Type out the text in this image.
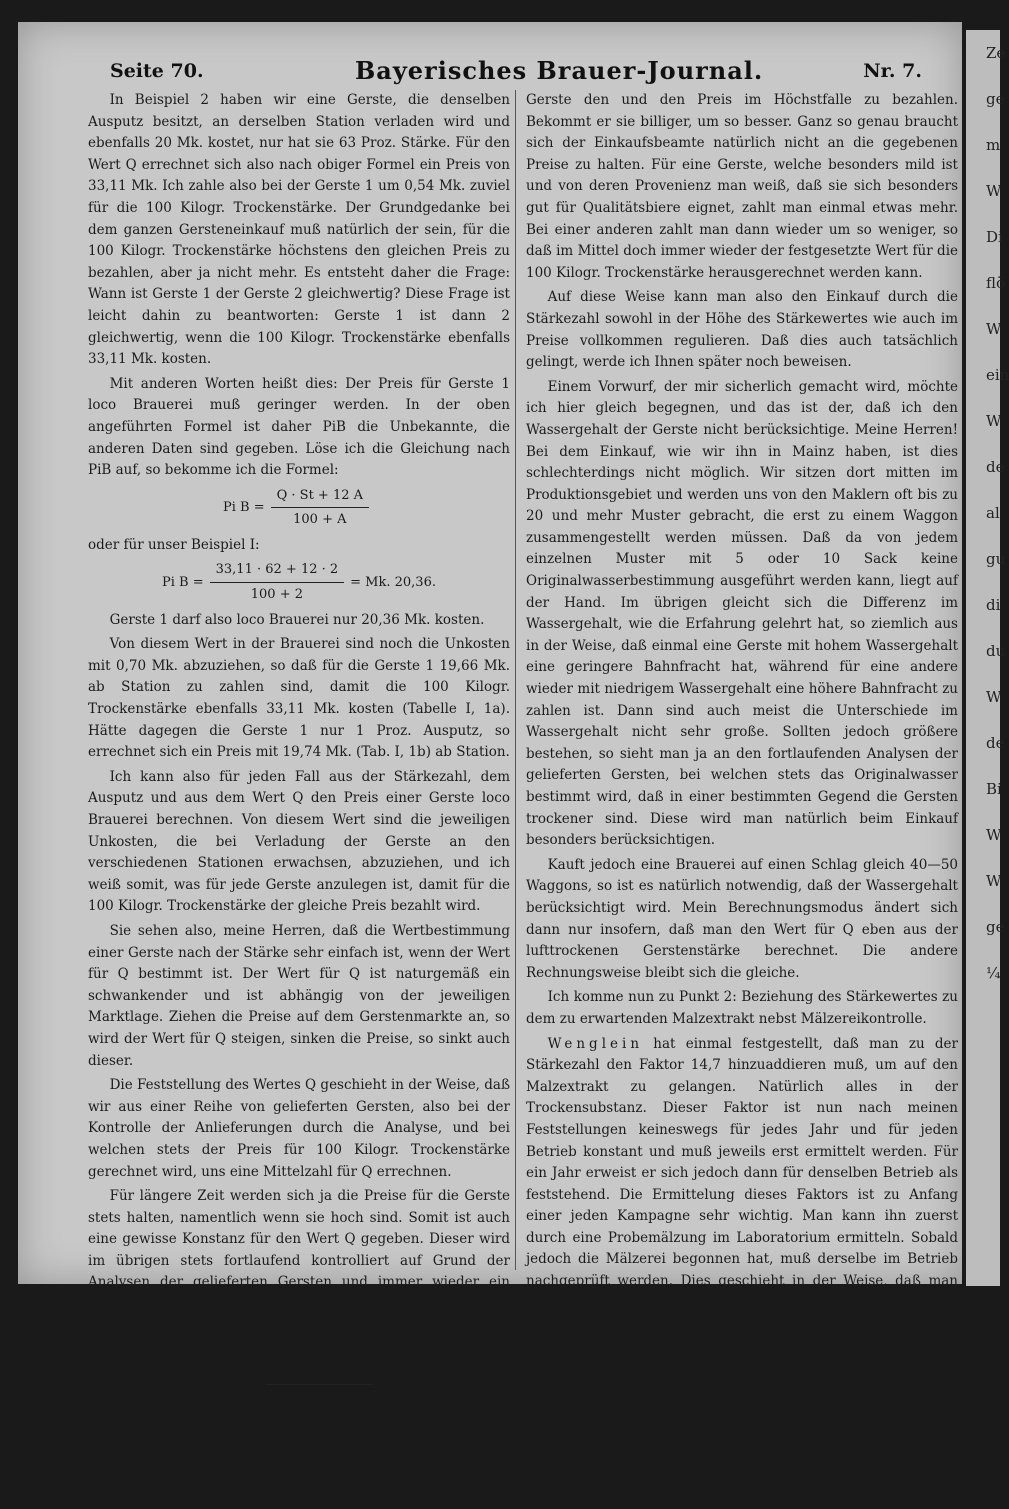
Ze
ge
m
W
Di
flö
W
ein
W
de
al
gu
di
du
W
de
Bi
W
W
ge
¼
Seite 70.	Bayerisches Brauer-Journal.	Nr. 7.

In Beispiel 2 haben wir eine Gerste, die denselben Ausputz besitzt, an derselben Station verladen wird und ebenfalls 20 Mk. kostet, nur hat sie 63 Proz. Stärke. Für den Wert Q errechnet sich also nach obiger Formel ein Preis von 33,11 Mk. Ich zahle also bei der Gerste 1 um 0,54 Mk. zuviel für die 100 Kilogr. Trockenstärke. Der Grundgedanke bei dem ganzen Gersteneinkauf muß natürlich der sein, für die 100 Kilogr. Trockenstärke höchstens den gleichen Preis zu bezahlen, aber ja nicht mehr. Es entsteht daher die Frage: Wann ist Gerste 1 der Gerste 2 gleichwertig? Diese Frage ist leicht dahin zu beantworten: Gerste 1 ist dann 2 gleichwertig, wenn die 100 Kilogr. Trockenstärke ebenfalls 33,11 Mk. kosten.

Mit anderen Worten heißt dies: Der Preis für Gerste 1 loco Brauerei muß geringer werden. In der oben angeführten Formel ist daher PiB die Unbekannte, die anderen Daten sind gegeben. Löse ich die Gleichung nach PiB auf, so bekomme ich die Formel:

Pi $B = \frac{Q \cdot St + 12 A}{100 + A}$

oder für unser Beispiel I:

Pi $B = \frac{33,11 \cdot 62 + 12 \cdot 2}{100 + 2} = Mk$. 20,36.

Gerste 1 darf also loco Brauerei nur 20,36 Mk. kosten.

Von diesem Wert in der Brauerei sind noch die Unkosten mit 0,70 Mk. abzuziehen, so daß für die Gerste 1 19,66 Mk. ab Station zu zahlen sind, damit die 100 Kilogr. Trockenstärke ebenfalls 33,11 Mk. kosten (Tabelle I, 1a). Hätte dagegen die Gerste 1 nur 1 Proz. Ausputz, so errechnet sich ein Preis mit 19,74 Mk. (Tab. I, 1b) ab Station.

Ich kann also für jeden Fall aus der Stärkezahl, dem Ausputz und aus dem Wert Q den Preis einer Gerste loco Brauerei berechnen. Von diesem Wert sind die jeweiligen Unkosten, die bei Verladung der Gerste an den verschiedenen Stationen erwachsen, abzuziehen, und ich weiß somit, was für jede Gerste anzulegen ist, damit für die 100 Kilogr. Trockenstärke der gleiche Preis bezahlt wird.

Sie sehen also, meine Herren, daß die Wertbestimmung einer Gerste nach der Stärke sehr einfach ist, wenn der Wert für Q bestimmt ist. Der Wert für Q ist naturgemäß ein schwankender und ist abhängig von der jeweiligen Marktlage. Ziehen die Preise auf dem Gerstenmarkte an, so wird der Wert für Q steigen, sinken die Preise, so sinkt auch dieser.

Die Feststellung des Wertes Q geschieht in der Weise, daß wir aus einer Reihe von gelieferten Gersten, also bei der Kontrolle der Anlieferungen durch die Analyse, und bei welchen stets der Preis für 100 Kilogr. Trockenstärke gerechnet wird, uns eine Mittelzahl für Q errechnen.

Für längere Zeit werden sich ja die Preise für die Gerste stets halten, namentlich wenn sie hoch sind. Somit ist auch eine gewisse Konstanz für den Wert Q gegeben. Dieser wird im übrigen stets fortlaufend kontrolliert auf Grund der Analysen der gelieferten Gersten und immer wieder ein Mittelwert berechnet. Diese Mittelzahl wird als zunächst feststehend angenommen und mit dieser die Kaufmuster nach ihrem Stärkewert und Ausputz nach der Formel:

Pi $B = \frac{St \cdot Q + 12 \cdot A}{100 + A}$

kalkuliert.

Der Beamte, welcher mit dem Gersteneinkauf betraut ist, bekommt vom Laboratorium aus die Weisung, für die und die

Gerste den und den Preis im Höchstfalle zu bezahlen. Bekommt er sie billiger, um so besser. Ganz so genau braucht sich der Einkaufsbeamte natürlich nicht an die gegebenen Preise zu halten. Für eine Gerste, welche besonders mild ist und von deren Provenienz man weiß, daß sie sich besonders gut für Qualitätsbiere eignet, zahlt man einmal etwas mehr. Bei einer anderen zahlt man dann wieder um so weniger, so daß im Mittel doch immer wieder der festgesetzte Wert für die 100 Kilogr. Trockenstärke herausgerechnet werden kann.

Auf diese Weise kann man also den Einkauf durch die Stärkezahl sowohl in der Höhe des Stärkewertes wie auch im Preise vollkommen regulieren. Daß dies auch tatsächlich gelingt, werde ich Ihnen später noch beweisen.

Einem Vorwurf, der mir sicherlich gemacht wird, möchte ich hier gleich begegnen, und das ist der, daß ich den Wassergehalt der Gerste nicht berücksichtige. Meine Herren! Bei dem Einkauf, wie wir ihn in Mainz haben, ist dies schlechterdings nicht möglich. Wir sitzen dort mitten im Produktionsgebiet und werden uns von den Maklern oft bis zu 20 und mehr Muster gebracht, die erst zu einem Waggon zusammengestellt werden müssen. Daß da von jedem einzelnen Muster mit 5 oder 10 Sack keine Originalwasserbestimmung ausgeführt werden kann, liegt auf der Hand. Im übrigen gleicht sich die Differenz im Wassergehalt, wie die Erfahrung gelehrt hat, so ziemlich aus in der Weise, daß einmal eine Gerste mit hohem Wassergehalt eine geringere Bahnfracht hat, während für eine andere wieder mit niedrigem Wassergehalt eine höhere Bahnfracht zu zahlen ist. Dann sind auch meist die Unterschiede im Wassergehalt nicht sehr große. Sollten jedoch größere bestehen, so sieht man ja an den fortlaufenden Analysen der gelieferten Gersten, bei welchen stets das Originalwasser bestimmt wird, daß in einer bestimmten Gegend die Gersten trockener sind. Diese wird man natürlich beim Einkauf besonders berücksichtigen.

Kauft jedoch eine Brauerei auf einen Schlag gleich 40—50 Waggons, so ist es natürlich notwendig, daß der Wassergehalt berücksichtigt wird. Mein Berechnungsmodus ändert sich dann nur insofern, daß man den Wert für Q eben aus der lufttrockenen Gerstenstärke berechnet. Die andere Rechnungsweise bleibt sich die gleiche.

Ich komme nun zu Punkt 2: Beziehung des Stärkewertes zu dem zu erwartenden Malzextrakt nebst Mälzereikontrolle.

Wenglein hat einmal festgestellt, daß man zu der Stärkezahl den Faktor 14,7 hinzuaddieren muß, um auf den Malzextrakt zu gelangen. Natürlich alles in der Trockensubstanz. Dieser Faktor ist nun nach meinen Feststellungen keineswegs für jedes Jahr und für jeden Betrieb konstant und muß jeweils erst ermittelt werden. Für ein Jahr erweist er sich jedoch dann für denselben Betrieb als feststehend. Die Ermittelung dieses Faktors ist zu Anfang einer jeden Kampagne sehr wichtig. Man kann ihn zuerst durch eine Probemälzung im Laboratorium ermitteln. Sobald jedoch die Mälzerei begonnen hat, muß derselbe im Betrieb nachgeprüft werden. Dies geschieht in der Weise, daß man von der einzuweichenden Gerste eine gute Durchschnittsprobe nimmt und von dieser die Stärke bestimmt. Ist das Malz aus dieser Gerste fertig abgedarrt, so nimmt man hiervon wieder eine gute Durchschnittsprobe und stellt hiervon den Malzextrakt fest. Die Differenz zwischen Malzextrakt und Gerstenstärke ist der gesuchte Faktor. So muß man zu Beginn der Mälzerei täglich oder alle zwei Tage diese Erhebungen vornehmen. Es ergibt sich hierbei bald eine bestimmte Gleichmäßigkeit in der Differenz, die nur innerhalb einiger
